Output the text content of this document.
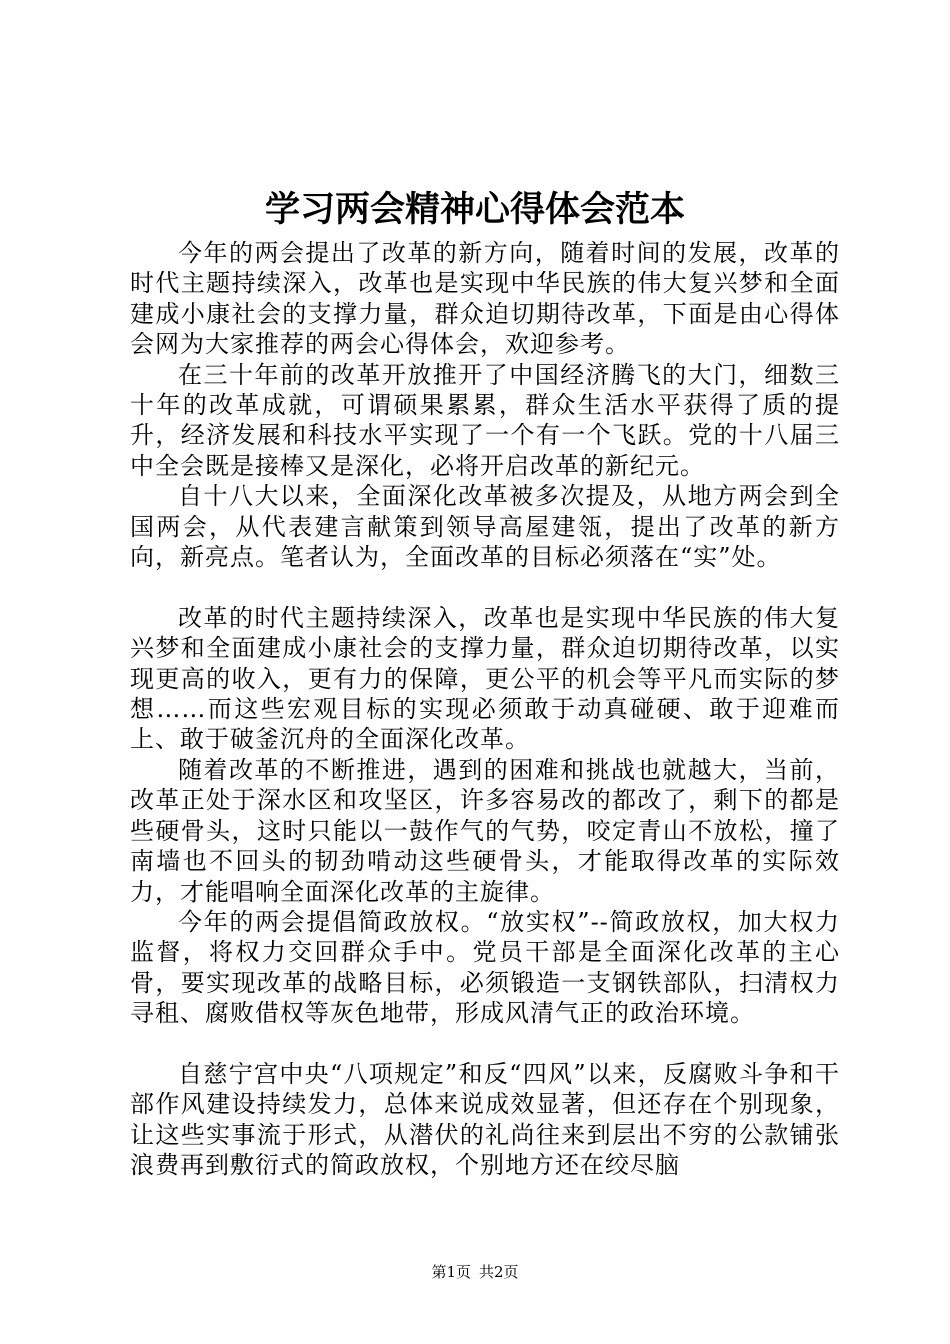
学习两会精神心得体会范本

今年的两会提出了改革的新方向，随着时间的发展，改革的时代主题持续深入，改革也是实现中华民族的伟大复兴梦和全面建成小康社会的支撑力量，群众迫切期待改革，下面是由心得体会网为大家推荐的两会心得体会，欢迎参考。

在三十年前的改革开放推开了中国经济腾飞的大门，细数三十年的改革成就，可谓硕果累累，群众生活水平获得了质的提升，经济发展和科技水平实现了一个有一个飞跃。党的十八届三中全会既是接棒又是深化，必将开启改革的新纪元。

自十八大以来，全面深化改革被多次提及，从地方两会到全国两会，从代表建言献策到领导高屋建瓴，提出了改革的新方向，新亮点。笔者认为，全面改革的目标必须落在“实”处。

改革的时代主题持续深入，改革也是实现中华民族的伟大复兴梦和全面建成小康社会的支撑力量，群众迫切期待改革，以实现更高的收入，更有力的保障，更公平的机会等平凡而实际的梦想……而这些宏观目标的实现必须敢于动真碰硬、敢于迎难而上、敢于破釜沉舟的全面深化改革。

随着改革的不断推进，遇到的困难和挑战也就越大，当前，改革正处于深水区和攻坚区，许多容易改的都改了，剩下的都是些硬骨头，这时只能以一鼓作气的气势，咬定青山不放松，撞了南墙也不回头的韧劲啃动这些硬骨头，才能取得改革的实际效力，才能唱响全面深化改革的主旋律。

今年的两会提倡简政放权。“放实权”--简政放权，加大权力监督，将权力交回群众手中。党员干部是全面深化改革的主心骨，要实现改革的战略目标，必须锻造一支钢铁部队，扫清权力寻租、腐败借权等灰色地带，形成风清气正的政治环境。

自慈宁宫中央“八项规定”和反“四风”以来，反腐败斗争和干部作风建设持续发力，总体来说成效显著，但还存在个别现象，让这些实事流于形式，从潜伏的礼尚往来到层出不穷的公款铺张浪费再到敷衍式的简政放权，个别地方还在绞尽脑

第1页 共2页
